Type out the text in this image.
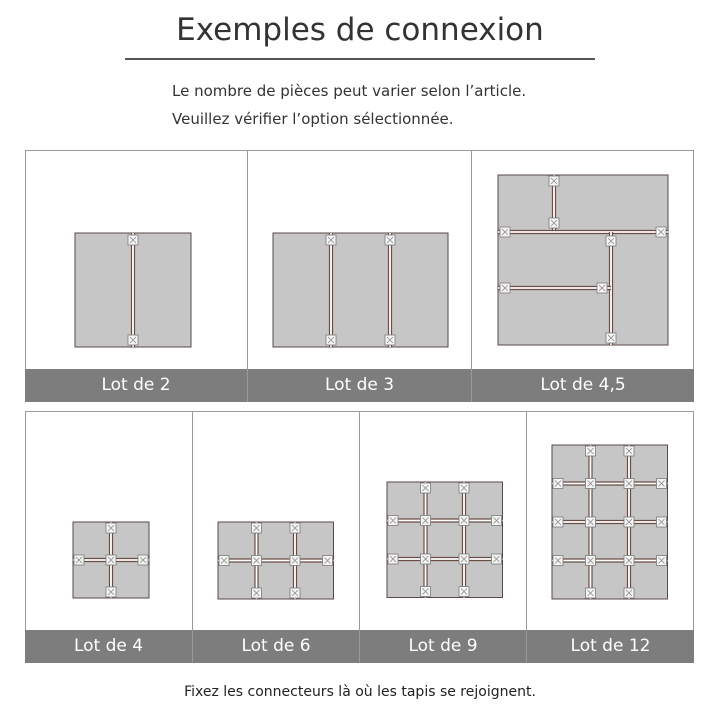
Exemples de connexion
Le nombre de pièces peut varier selon l’article.
Veuillez vérifier l’option sélectionnée.
Lot de 2	Lot de 3	Lot de 4,5
Lot de 4	Lot de 6	Lot de 9	Lot de 12
Fixez les connecteurs là où les tapis se rejoignent.
